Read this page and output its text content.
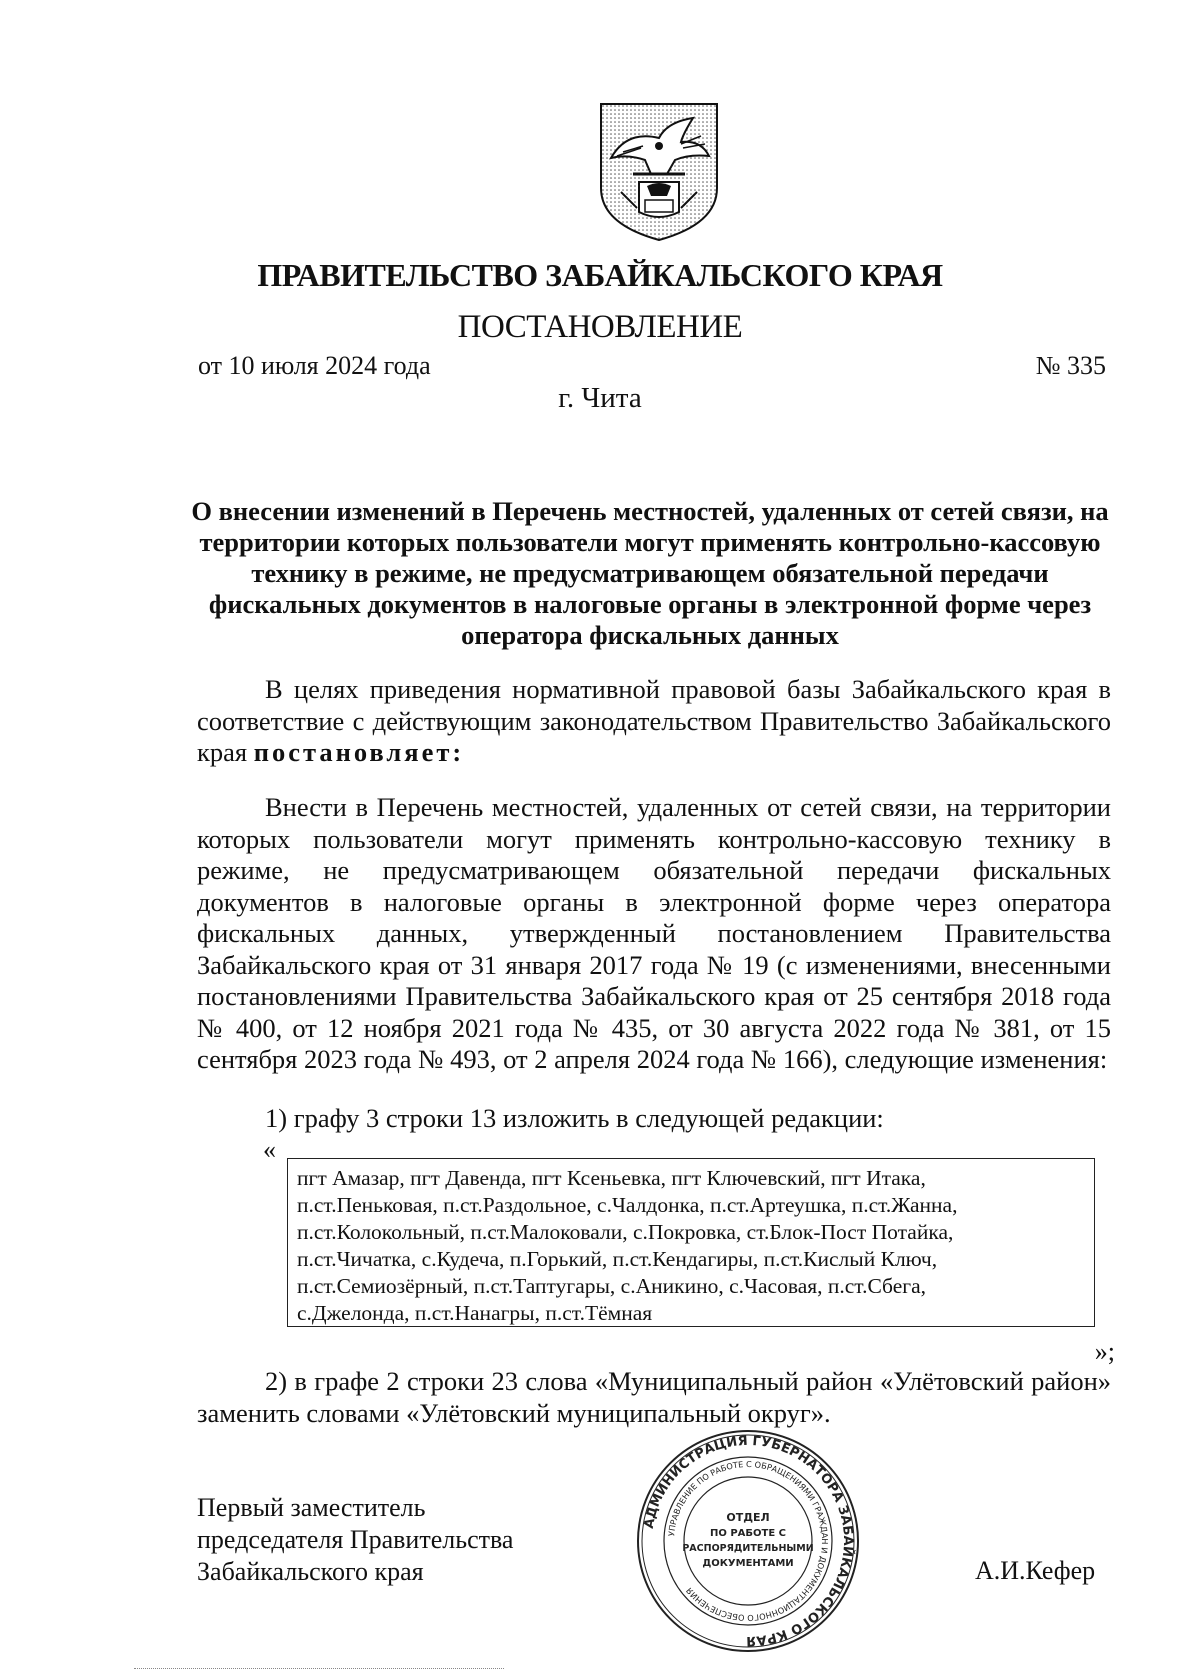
ПРАВИТЕЛЬСТВО ЗАБАЙКАЛЬСКОГО КРАЯ
ПОСТАНОВЛЕНИЕ
от 10 июля 2024 года	№ 335
г. Чита
О внесении изменений в Перечень местностей, удаленных от сетей связи, на территории которых пользователи могут применять контрольно-кассовую технику в режиме, не предусматривающем обязательной передачи фискальных документов в налоговые органы в электронной форме через оператора фискальных данных
В целях приведения нормативной правовой базы Забайкальского края в соответствие с действующим законодательством Правительство Забайкальского края постановляет:
Внести в Перечень местностей, удаленных от сетей связи, на территории которых пользователи могут применять контрольно-кассовую технику в режиме, не предусматривающем обязательной передачи фискальных документов в налоговые органы в электронной форме через оператора фискальных данных, утвержденный постановлением Правительства Забайкальского края от 31 января 2017 года № 19 (с изменениями, внесенными постановлениями Правительства Забайкальского края от 25 сентября 2018 года № 400, от 12 ноября 2021 года № 435, от 30 августа 2022 года № 381, от 15 сентября 2023 года № 493, от 2 апреля 2024 года № 166), следующие изменения:
1) графу 3 строки 13 изложить в следующей редакции:
«
пгт Амазар, пгт Давенда, пгт Ксеньевка, пгт Ключевский, пгт Итака,
п.ст.Пеньковая, п.ст.Раздольное, с.Чалдонка, п.ст.Артеушка, п.ст.Жанна,
п.ст.Колокольный, п.ст.Малоковали, с.Покровка, ст.Блок-Пост Потайка,
п.ст.Чичатка, с.Кудеча, п.Горький, п.ст.Кендагиры, п.ст.Кислый Ключ,
п.ст.Семиозёрный, п.ст.Таптугары, с.Аникино, с.Часовая, п.ст.Сбега,
с.Джелонда, п.ст.Нанагры, п.ст.Тёмная
»;
2) в графе 2 строки 23 слова «Муниципальный район «Улётовский район» заменить словами «Улётовский муниципальный округ».
Первый заместитель
председателя Правительства
Забайкальского края	А.И.Кефер
АДМИНИСТРАЦИЯ ГУБЕРНАТОРА ЗАБАЙКАЛЬСКОГО КРАЯ
УПРАВЛЕНИЕ ПО РАБОТЕ С ОБРАЩЕНИЯМИ ГРАЖДАН И ДОКУМЕНТАЦИОННОГО ОБЕСПЕЧЕНИЯ
ОТДЕЛ
ПО РАБОТЕ С
РАСПОРЯДИТЕЛЬНЫМИ
ДОКУМЕНТАМИ
